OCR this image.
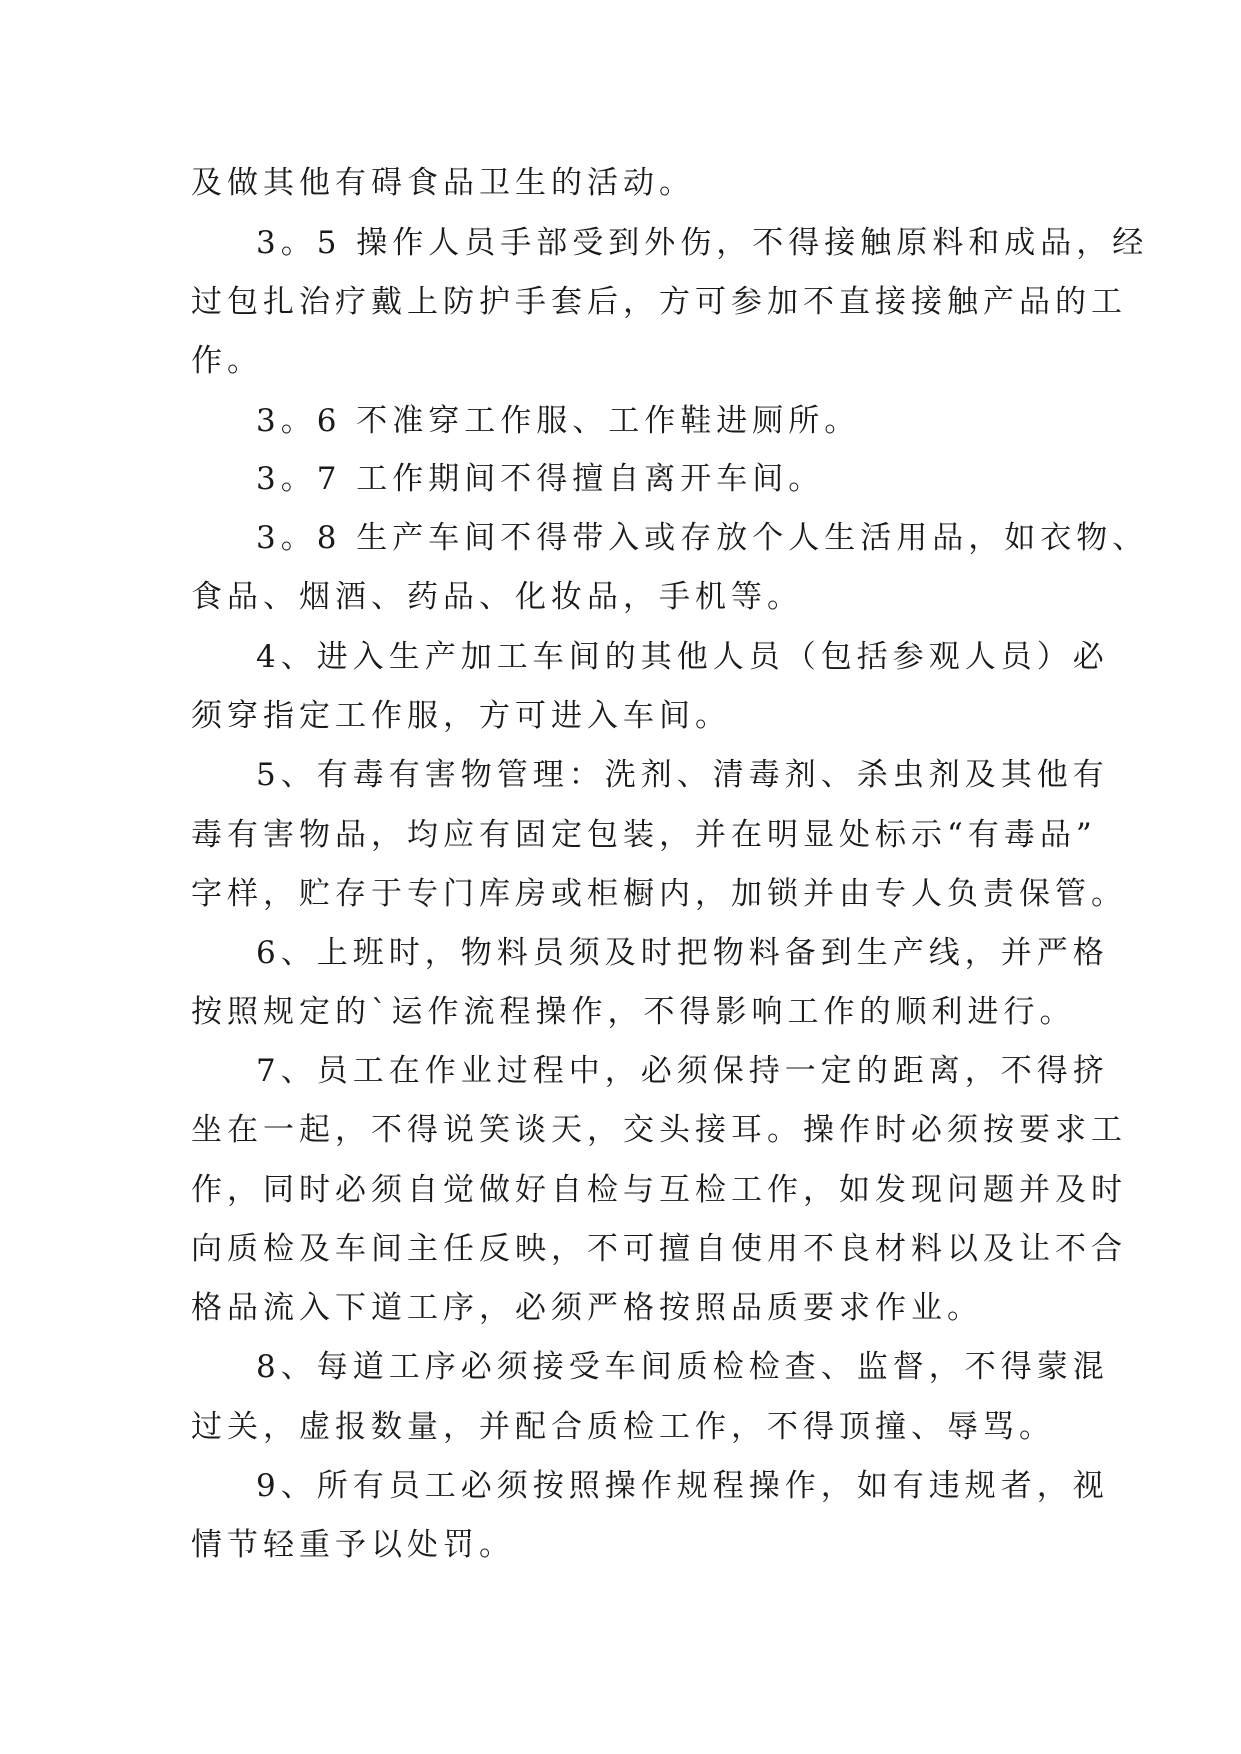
及做其他有碍食品卫生的活动。
3。5 操作人员手部受到外伤，不得接触原料和成品，经
过包扎治疗戴上防护手套后，方可参加不直接接触产品的工
作。
3。6 不准穿工作服、工作鞋进厕所。
3。7 工作期间不得擅自离开车间。
3。8 生产车间不得带入或存放个人生活用品，如衣物、
食品、烟酒、药品、化妆品，手机等。
4、进入生产加工车间的其他人员（包括参观人员）必
须穿指定工作服，方可进入车间。
5、有毒有害物管理：洗剂、清毒剂、杀虫剂及其他有
毒有害物品，均应有固定包装，并在明显处标示“有毒品”
字样，贮存于专门库房或柜橱内，加锁并由专人负责保管。
6、上班时，物料员须及时把物料备到生产线，并严格
按照规定的`运作流程操作，不得影响工作的顺利进行。
7、员工在作业过程中，必须保持一定的距离，不得挤
坐在一起，不得说笑谈天，交头接耳。操作时必须按要求工
作，同时必须自觉做好自检与互检工作，如发现问题并及时
向质检及车间主任反映，不可擅自使用不良材料以及让不合
格品流入下道工序，必须严格按照品质要求作业。
8、每道工序必须接受车间质检检查、监督，不得蒙混
过关，虚报数量，并配合质检工作，不得顶撞、辱骂。
9、所有员工必须按照操作规程操作，如有违规者，视
情节轻重予以处罚。
